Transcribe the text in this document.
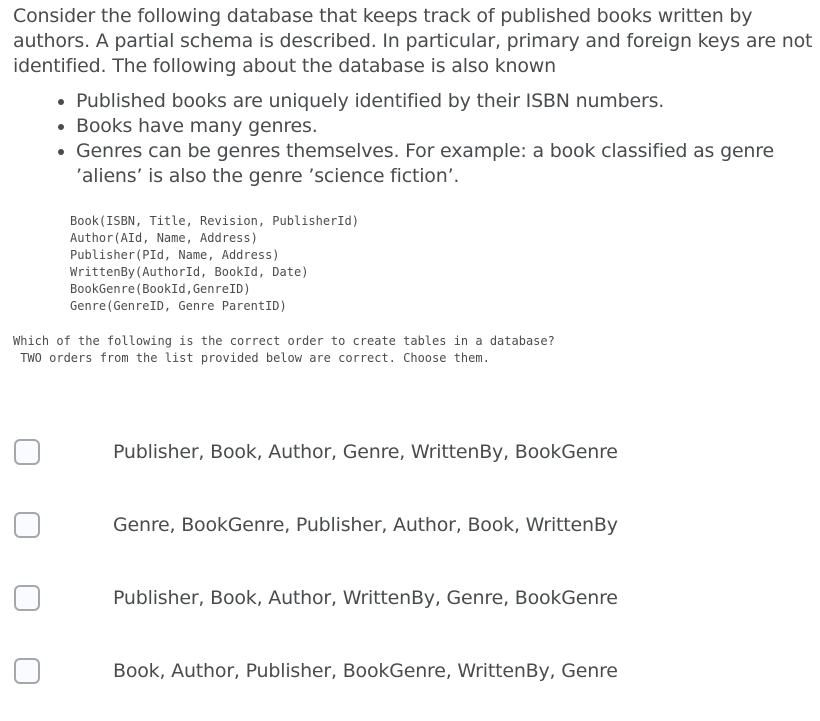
Consider the following database that keeps track of published books written by authors. A partial schema is described. In particular, primary and foreign keys are not identified. The following about the database is also known

• Published books are uniquely identified by their ISBN numbers.
• Books have many genres.
• Genres can be genres themselves. For example: a book classified as genre ’aliens’ is also the genre ’science fiction’.
Book(ISBN, Title, Revision, PublisherId)
Author(AId, Name, Address)
Publisher(PId, Name, Address)
WrittenBy(AuthorId, BookId, Date)
BookGenre(BookId,GenreID)
Genre(GenreID, Genre ParentID)
Which of the following is the correct order to create tables in a database?
TWO orders from the list provided below are correct. Choose them.
Publisher, Book, Author, Genre, WrittenBy, BookGenre
Genre, BookGenre, Publisher, Author, Book, WrittenBy
Publisher, Book, Author, WrittenBy, Genre, BookGenre
Book, Author, Publisher, BookGenre, WrittenBy, Genre
